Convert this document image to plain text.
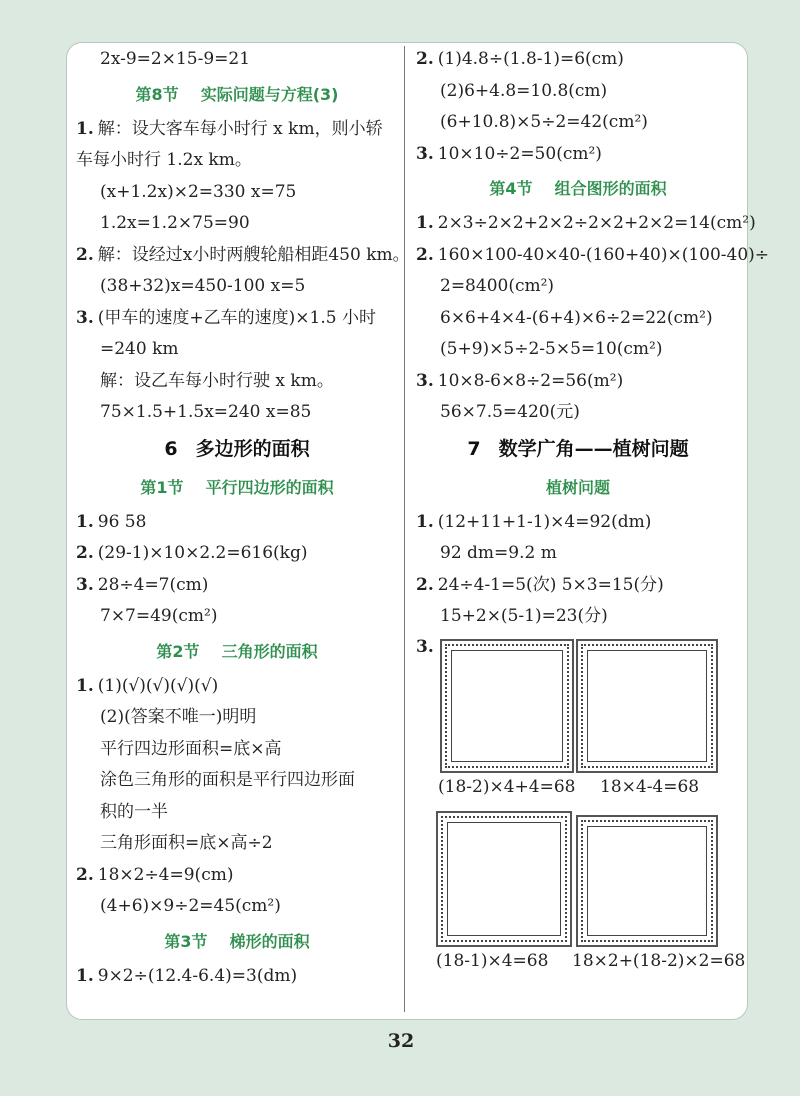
2x-9=2×15-9=21
第8节 实际问题与方程(3)
1. 解：设大客车每小时行 x km，则小轿
车每小时行 1.2x km。
(x+1.2x)×2=330 x=75
1.2x=1.2×75=90
2. 解：设经过x小时两艘轮船相距450 km。
(38+32)x=450-100 x=5
3. (甲车的速度+乙车的速度)×1.5 小时
=240 km
解：设乙车每小时行驶 x km。
75×1.5+1.5x=240 x=85
6 多边形的面积
第1节 平行四边形的面积
1. 96 58
2. (29-1)×10×2.2=616(kg)
3. 28÷4=7(cm)
7×7=49(cm²)
第2节 三角形的面积
1. (1)(√)(√)(√)(√)
(2)(答案不唯一)明明
平行四边形面积=底×高
涂色三角形的面积是平行四边形面
积的一半
三角形面积=底×高÷2
2. 18×2÷4=9(cm)
(4+6)×9÷2=45(cm²)
第3节 梯形的面积
1. 9×2÷(12.4-6.4)=3(dm)
2. (1)4.8÷(1.8-1)=6(cm)
(2)6+4.8=10.8(cm)
(6+10.8)×5÷2=42(cm²)
3. 10×10÷2=50(cm²)
第4节 组合图形的面积
1. 2×3÷2×2+2×2÷2×2+2×2=14(cm²)
2. 160×100-40×40-(160+40)×(100-40)÷
2=8400(cm²)
6×6+4×4-(6+4)×6÷2=22(cm²)
(5+9)×5÷2-5×5=10(cm²)
3. 10×8-6×8÷2=56(m²)
56×7.5=420(元)
7 数学广角——植树问题
植树问题
1. (12+11+1-1)×4=92(dm)
92 dm=9.2 m
2. 24÷4-1=5(次) 5×3=15(分)
15+2×(5-1)=23(分)
3.
(18-2)×4+4=68 18×4-4=68
(18-1)×4=68 18×2+(18-2)×2=68
32
